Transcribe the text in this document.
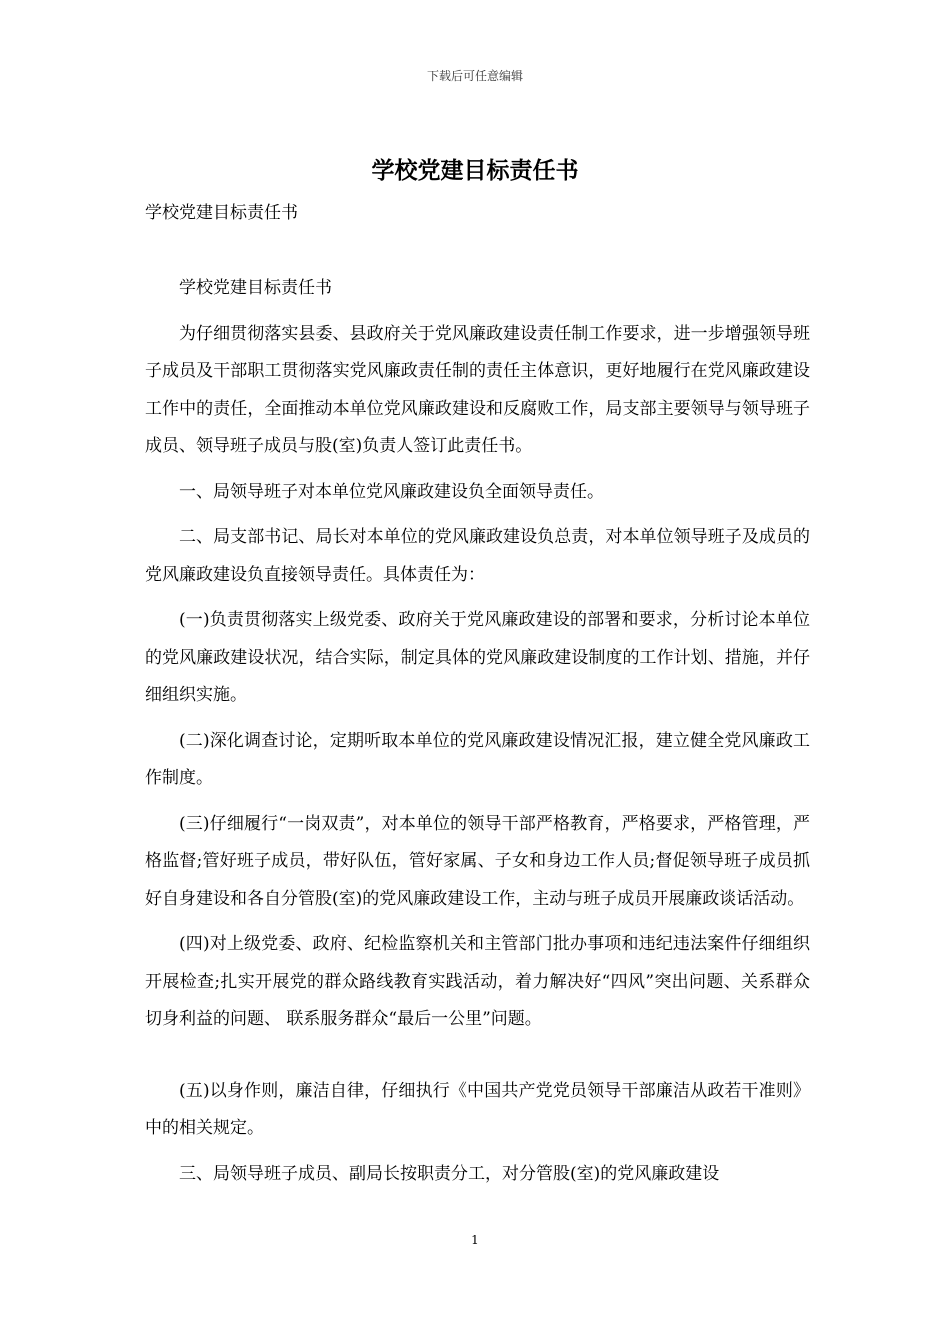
下载后可任意编辑
学校党建目标责任书
学校党建目标责任书

学校党建目标责任书

为仔细贯彻落实县委、县政府关于党风廉政建设责任制工作要求，进一步增强领导班子成员及干部职工贯彻落实党风廉政责任制的责任主体意识，更好地履行在党风廉政建设工作中的责任，全面推动本单位党风廉政建设和反腐败工作，局支部主要领导与领导班子成员、领导班子成员与股(室)负责人签订此责任书。

一、局领导班子对本单位党风廉政建设负全面领导责任。

二、局支部书记、局长对本单位的党风廉政建设负总责，对本单位领导班子及成员的党风廉政建设负直接领导责任。具体责任为：

(一)负责贯彻落实上级党委、政府关于党风廉政建设的部署和要求，分析讨论本单位的党风廉政建设状况，结合实际，制定具体的党风廉政建设制度的工作计划、措施，并仔细组织实施。

(二)深化调查讨论，定期听取本单位的党风廉政建设情况汇报，建立健全党风廉政工作制度。

(三)仔细履行“一岗双责”，对本单位的领导干部严格教育，严格要求，严格管理，严格监督;管好班子成员，带好队伍，管好家属、子女和身边工作人员;督促领导班子成员抓好自身建设和各自分管股(室)的党风廉政建设工作，主动与班子成员开展廉政谈话活动。

(四)对上级党委、政府、纪检监察机关和主管部门批办事项和违纪违法案件仔细组织开展检查;扎实开展党的群众路线教育实践活动，着力解决好“四风”突出问题、关系群众切身利益的问题、 联系服务群众“最后一公里”问题。

(五)以身作则，廉洁自律，仔细执行《中国共产党党员领导干部廉洁从政若干准则》中的相关规定。

三、局领导班子成员、副局长按职责分工，对分管股(室)的党风廉政建设

1
